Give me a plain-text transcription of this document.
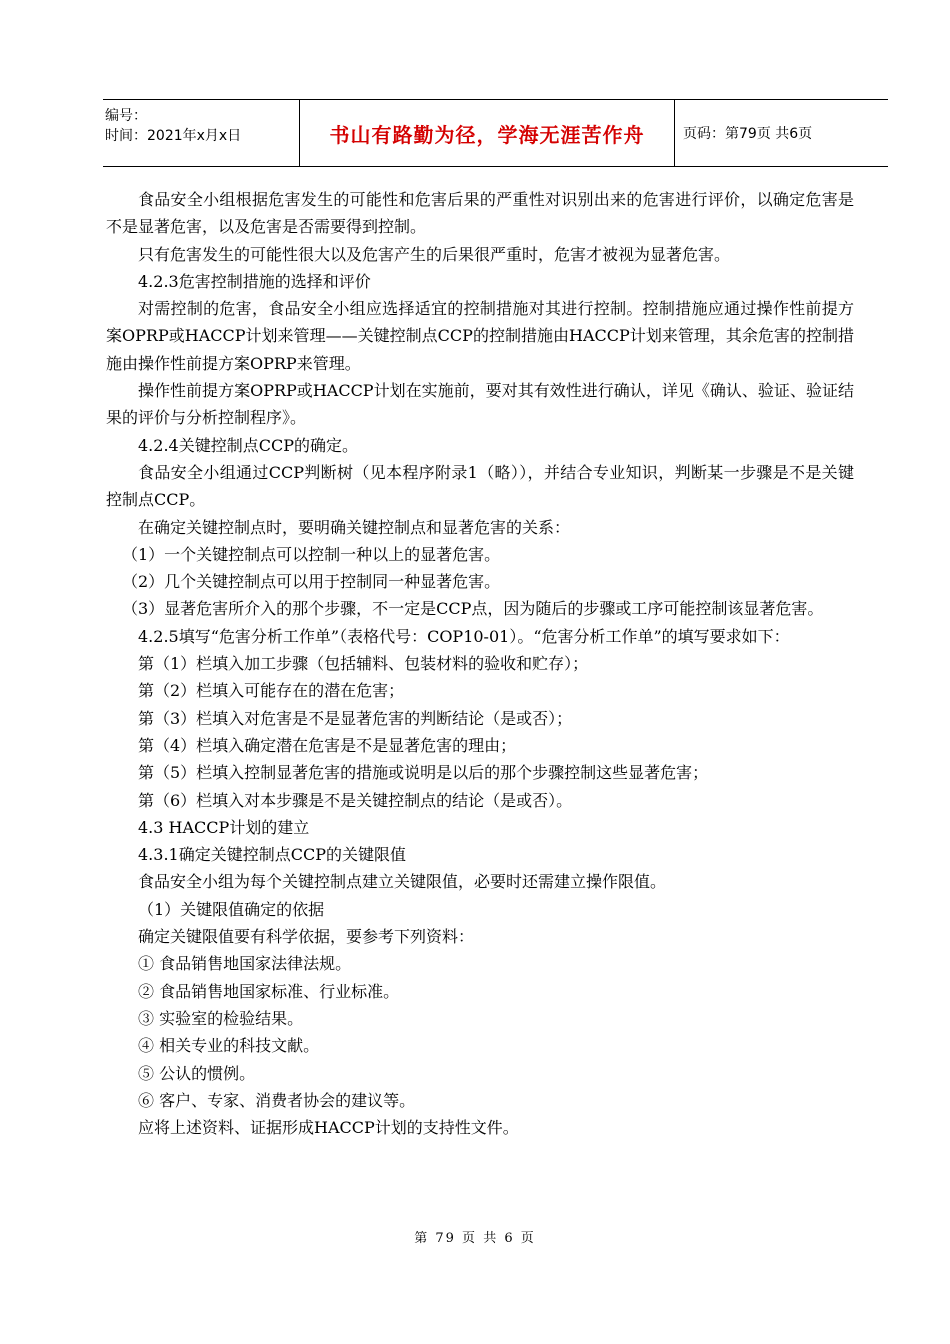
编号：
时间：2021年x月x日	书山有路勤为径，学海无涯苦作舟	页码：第79页 共6页

食品安全小组根据危害发生的可能性和危害后果的严重性对识别出来的危害进行评价，以确定危害是不是显著危害，以及危害是否需要得到控制。

只有危害发生的可能性很大以及危害产生的后果很严重时，危害才被视为显著危害。

4.2.3危害控制措施的选择和评价

对需控制的危害，食品安全小组应选择适宜的控制措施对其进行控制。控制措施应通过操作性前提方案OPRP或HACCP计划来管理——关键控制点CCP的控制措施由HACCP计划来管理，其余危害的控制措施由操作性前提方案OPRP来管理。

操作性前提方案OPRP或HACCP计划在实施前，要对其有效性进行确认，详见《确认、验证、验证结果的评价与分析控制程序》。

4.2.4关键控制点CCP的确定。

食品安全小组通过CCP判断树（见本程序附录1（略）），并结合专业知识，判断某一步骤是不是关键控制点CCP。

在确定关键控制点时，要明确关键控制点和显著危害的关系：

（1）一个关键控制点可以控制一种以上的显著危害。

（2）几个关键控制点可以用于控制同一种显著危害。

（3）显著危害所介入的那个步骤，不一定是CCP点，因为随后的步骤或工序可能控制该显著危害。

4.2.5填写“危害分析工作单”（表格代号：COP10-01）。“危害分析工作单”的填写要求如下：

第（1）栏填入加工步骤（包括辅料、包装材料的验收和贮存）；

第（2）栏填入可能存在的潜在危害；

第（3）栏填入对危害是不是显著危害的判断结论（是或否）；

第（4）栏填入确定潜在危害是不是显著危害的理由；

第（5）栏填入控制显著危害的措施或说明是以后的那个步骤控制这些显著危害；

第（6）栏填入对本步骤是不是关键控制点的结论（是或否）。

4.3 HACCP计划的建立

4.3.1确定关键控制点CCP的关键限值

食品安全小组为每个关键控制点建立关键限值，必要时还需建立操作限值。

（1）关键限值确定的依据

确定关键限值要有科学依据，要参考下列资料：

① 食品销售地国家法律法规。

② 食品销售地国家标准、行业标准。

③ 实验室的检验结果。

④ 相关专业的科技文献。

⑤ 公认的惯例。

⑥ 客户、专家、消费者协会的建议等。

应将上述资料、证据形成HACCP计划的支持性文件。

第 79 页 共 6 页
